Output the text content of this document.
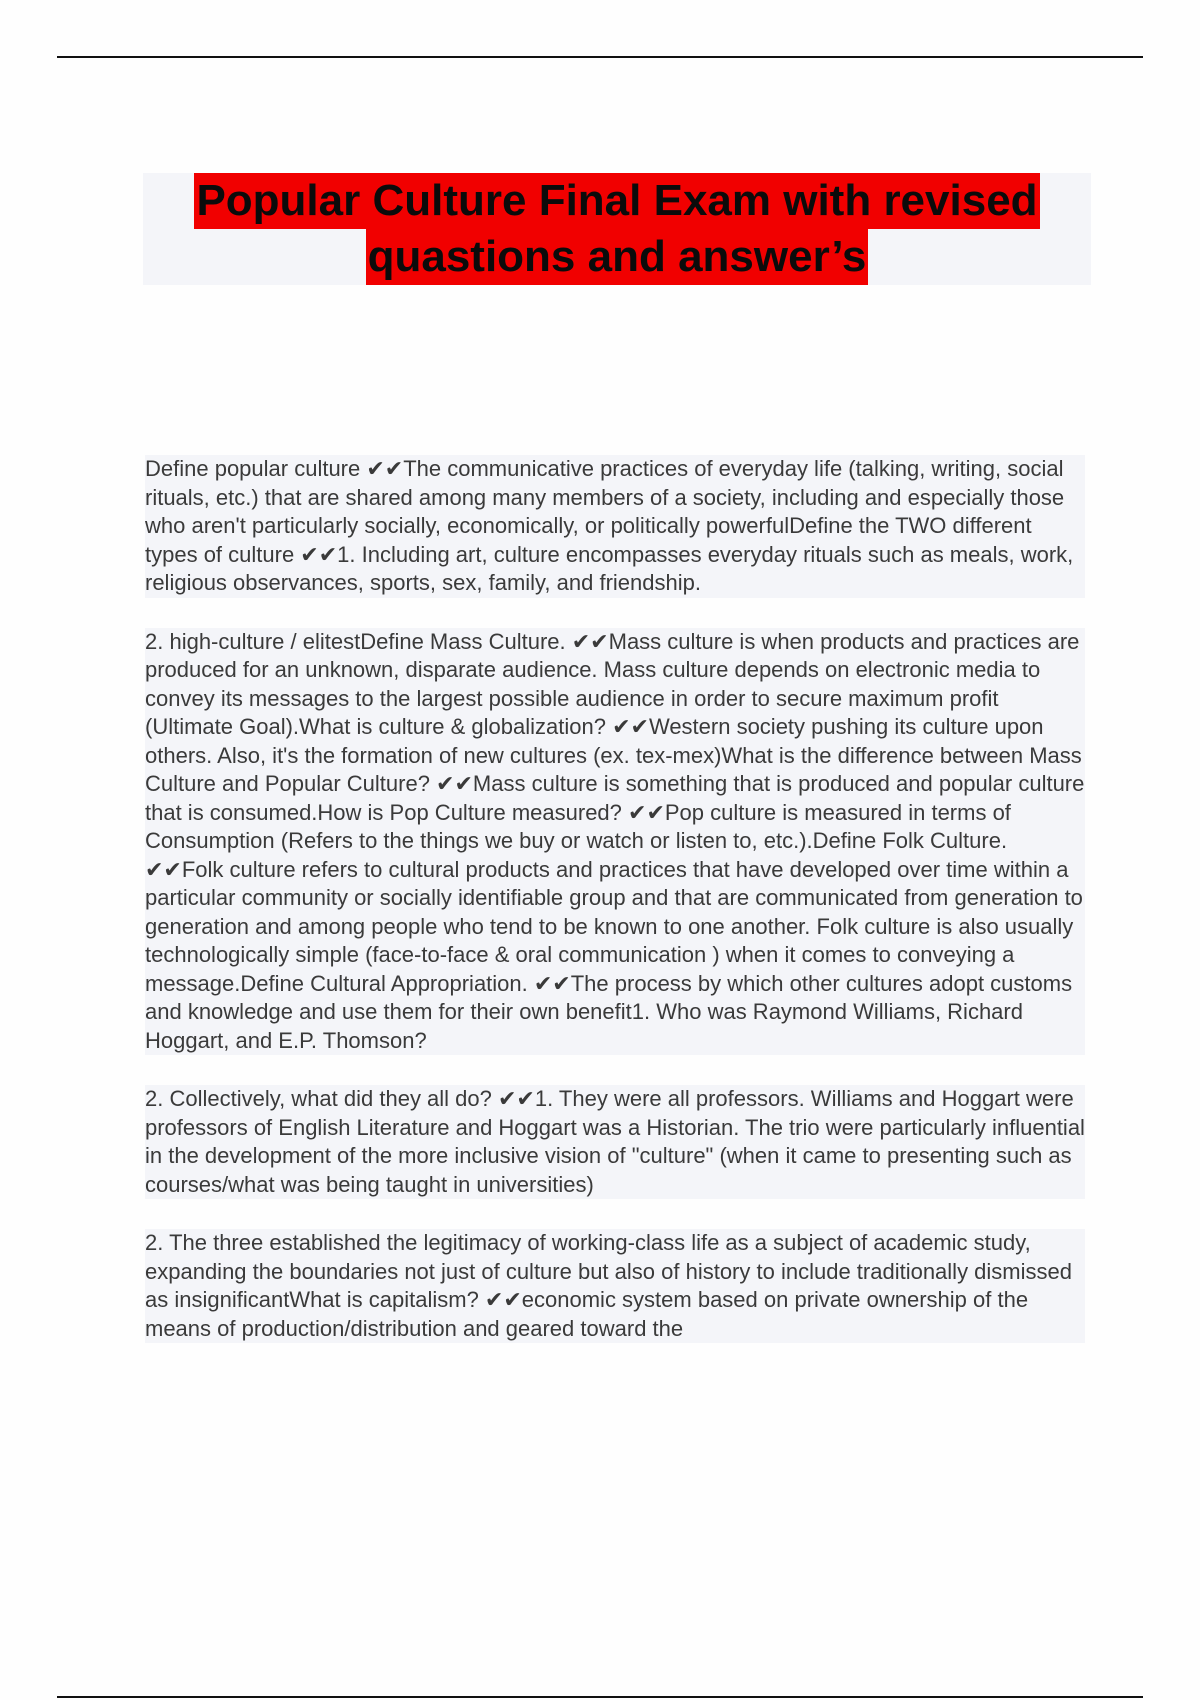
Popular Culture Final Exam with revised
quastions and answer’s

Define popular culture ✔✔The communicative practices of everyday life (talking, writing, social rituals, etc.) that are shared among many members of a society, including and especially those who aren't particularly socially, economically, or politically powerfulDefine the TWO different types of culture ✔✔1. Including art, culture encompasses everyday rituals such as meals, work, religious observances, sports, sex, family, and friendship.

2. high-culture / elitestDefine Mass Culture. ✔✔Mass culture is when products and practices are produced for an unknown, disparate audience. Mass culture depends on electronic media to convey its messages to the largest possible audience in order to secure maximum profit (Ultimate Goal).What is culture & globalization? ✔✔Western society pushing its culture upon others. Also, it's the formation of new cultures (ex. tex-mex)What is the difference between Mass Culture and Popular Culture? ✔✔Mass culture is something that is produced and popular culture that is consumed.How is Pop Culture measured? ✔✔Pop culture is measured in terms of Consumption (Refers to the things we buy or watch or listen to, etc.).Define Folk Culture. ✔✔Folk culture refers to cultural products and practices that have developed over time within a particular community or socially identifiable group and that are communicated from generation to generation and among people who tend to be known to one another. Folk culture is also usually technologically simple (face-to-face & oral communication ) when it comes to conveying a message.Define Cultural Appropriation. ✔✔The process by which other cultures adopt customs and knowledge and use them for their own benefit1. Who was Raymond Williams, Richard Hoggart, and E.P. Thomson?

2. Collectively, what did they all do? ✔✔1. They were all professors. Williams and Hoggart were professors of English Literature and Hoggart was a Historian. The trio were particularly influential in the development of the more inclusive vision of "culture" (when it came to presenting such as courses/what was being taught in universities)

2. The three established the legitimacy of working-class life as a subject of academic study, expanding the boundaries not just of culture but also of history to include traditionally dismissed as insignificantWhat is capitalism? ✔✔economic system based on private ownership of the means of production/distribution and geared toward the
